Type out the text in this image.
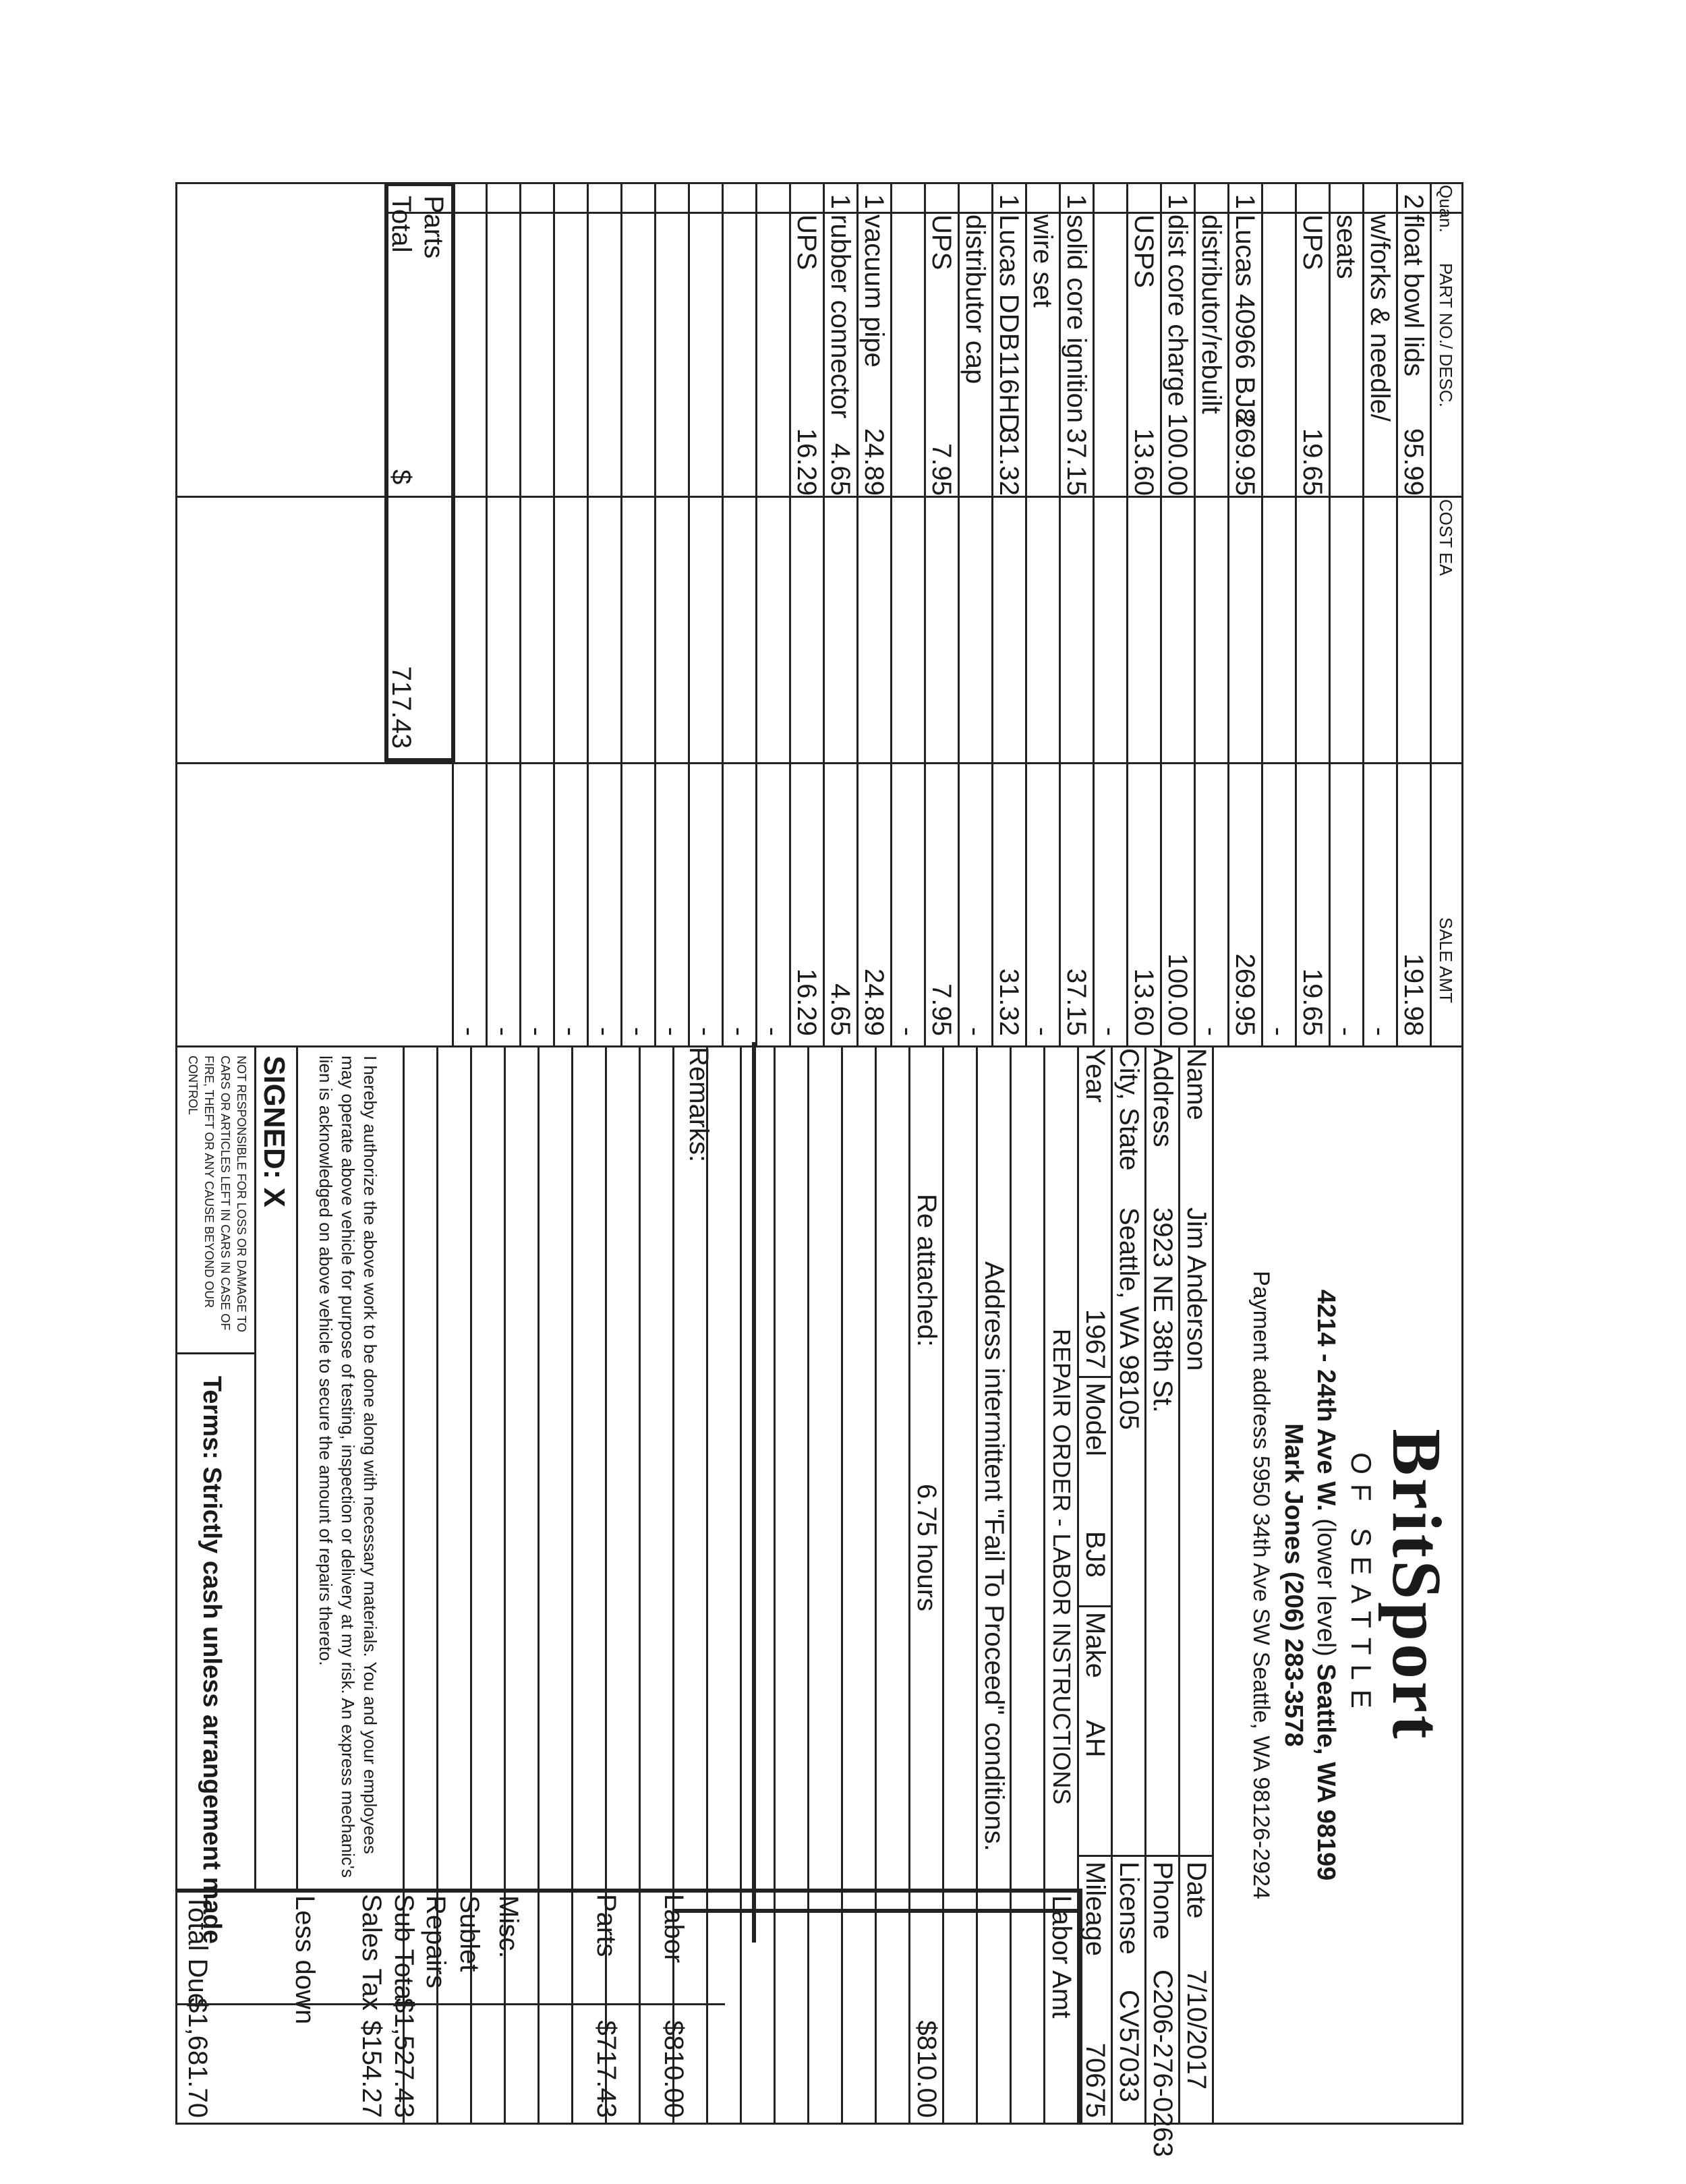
Quan.
PART NO./ DESC.
COST EA
SALE AMT
2
float bowl lids
95.99
191.98
w/forks & needle/
-
seats
-
UPS
19.65
19.65
-
1
Lucas 40966 BJ8
269.95
269.95
distributor/rebuilt
-
1
dist core charge
100.00
100.00
USPS
13.60
13.60
-
1
solid core ignition
37.15
37.15
wire set
-
1
Lucas DDB116HD
31.32
31.32
distributor cap
-
UPS
7.95
7.95
-
1
vacuum pipe
24.89
24.89
1
rubber connector
4.65
4.65
UPS
16.29
16.29
-
-
-
-
-
-
-
-
-
-
Parts
Total
$
717.43
BritSport
OF SEATTLE
4214 - 24th Ave W. (lower level) Seattle, WA 98199
Mark Jones (206) 283-3578
Payment address 5950 34th Ave SW Seattle, WA 98126-2924
Name
Jim Anderson
Date
7/10/2017
Address
3923 NE 38th St.
Phone
C206-276-0263
City, State
Seattle, WA 98105
License
CV57033
Year
1967
Model
BJ8
Make
AH
Mileage
70675
REPAIR ORDER - LABOR INSTRUCTIONS
Labor Amt
Address intermittent "Fail To Proceed" conditions.
Re attached:
6.75 hours
$810.00
Remarks:
Labor
$810.00
Parts
$717.43
Misc.
Sublet
Repairs
Sub Total
$1,527.43
Sales Tax
$154.27
Less down
Total Due
$1,681.70
I hereby authorize the above work to be done along with necessary materials. You and your employees may operate above vehicle for purpose of testing, inspection or delivery at my risk. An express mechanic's lien is acknowledged on above vehicle to secure the amount of repairs thereto.
SIGNED: X
NOT RESPONSIBLE FOR LOSS OR DAMAGE TO CARS OR ARTICLES LEFT IN CARS IN CASE OF FIRE, THEFT OR ANY CAUSE BEYOND OUR CONTROL
Terms: Strictly cash unless arrangement made
